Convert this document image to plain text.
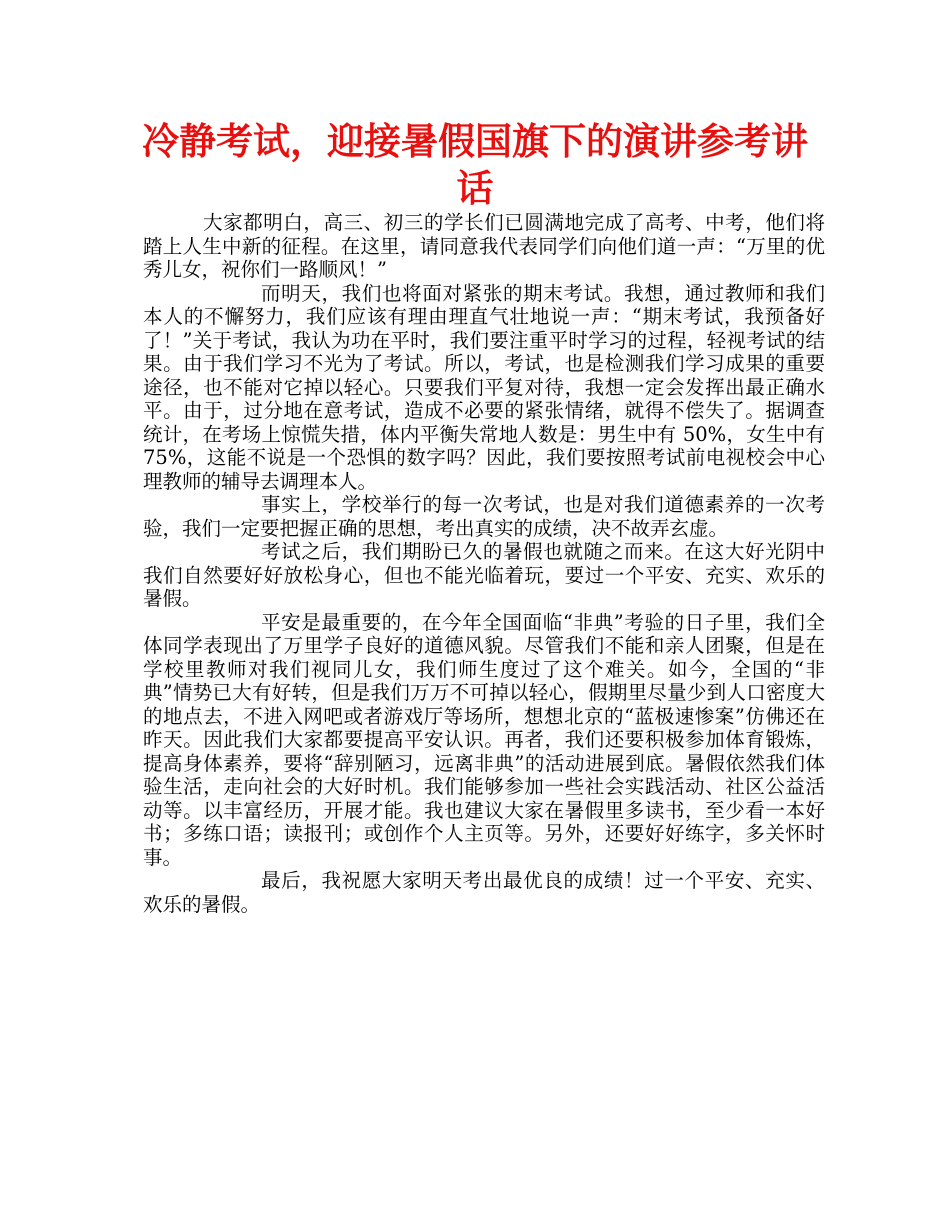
冷静考试，迎接暑假国旗下的演讲参考讲话

大家都明白，高三、初三的学长们已圆满地完成了高考、中考，他们将踏上人生中新的征程。在这里，请同意我代表同学们向他们道一声：“万里的优秀儿女，祝你们一路顺风！”

而明天，我们也将面对紧张的期末考试。我想，通过教师和我们本人的不懈努力，我们应该有理由理直气壮地说一声：“期末考试，我预备好了！”关于考试，我认为功在平时，我们要注重平时学习的过程，轻视考试的结果。由于我们学习不光为了考试。所以，考试，也是检测我们学习成果的重要途径，也不能对它掉以轻心。只要我们平复对待，我想一定会发挥出最正确水平。由于，过分地在意考试，造成不必要的紧张情绪，就得不偿失了。据调查统计，在考场上惊慌失措，体内平衡失常地人数是：男生中有 50%，女生中有 75%，这能不说是一个恐惧的数字吗？因此，我们要按照考试前电视校会中心理教师的辅导去调理本人。

事实上，学校举行的每一次考试，也是对我们道德素养的一次考验，我们一定要把握正确的思想，考出真实的成绩，决不故弄玄虚。

考试之后，我们期盼已久的暑假也就随之而来。在这大好光阴中我们自然要好好放松身心，但也不能光临着玩，要过一个平安、充实、欢乐的暑假。

平安是最重要的，在今年全国面临“非典”考验的日子里，我们全体同学表现出了万里学子良好的道德风貌。尽管我们不能和亲人团聚，但是在学校里教师对我们视同儿女，我们师生度过了这个难关。如今，全国的“非典”情势已大有好转，但是我们万万不可掉以轻心，假期里尽量少到人口密度大的地点去，不进入网吧或者游戏厅等场所，想想北京的“蓝极速惨案”仿佛还在昨天。因此我们大家都要提高平安认识。再者，我们还要积极参加体育锻炼，提高身体素养，要将“辞别陋习，远离非典”的活动进展到底。暑假依然我们体验生活，走向社会的大好时机。我们能够参加一些社会实践活动、社区公益活动等。以丰富经历，开展才能。我也建议大家在暑假里多读书，至少看一本好书；多练口语；读报刊；或创作个人主页等。另外，还要好好练字，多关怀时事。

最后，我祝愿大家明天考出最优良的成绩！过一个平安、充实、欢乐的暑假。
